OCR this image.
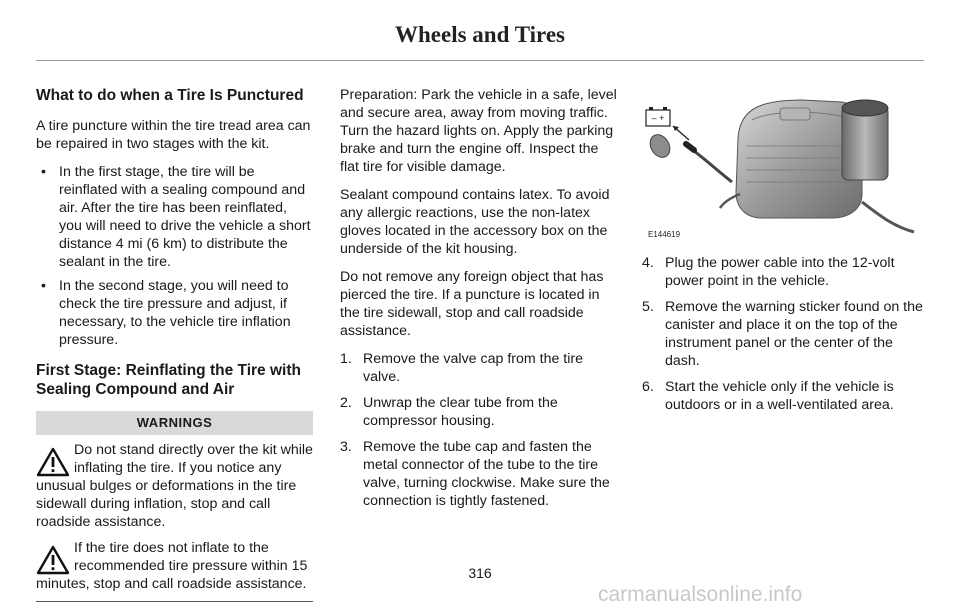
Wheels and Tires
What to do when a Tire Is Punctured

A tire puncture within the tire tread area can be repaired in two stages with the kit.

• In the first stage, the tire will be reinflated with a sealing compound and air. After the tire has been reinflated, you will need to drive the vehicle a short distance 4 mi (6 km) to distribute the sealant in the tire.
• In the second stage, you will need to check the tire pressure and adjust, if necessary, to the vehicle tire inflation pressure.
First Stage: Reinflating the Tire with Sealing Compound and Air
WARNINGS
Do not stand directly over the kit while inflating the tire. If you notice any unusual bulges or deformations in the tire sidewall during inflation, stop and call roadside assistance.
If the tire does not inflate to the recommended tire pressure within 15 minutes, stop and call roadside assistance.

Preparation: Park the vehicle in a safe, level and secure area, away from moving traffic. Turn the hazard lights on. Apply the parking brake and turn the engine off. Inspect the flat tire for visible damage.

Sealant compound contains latex. To avoid any allergic reactions, use the non-latex gloves located in the accessory box on the underside of the kit housing.

Do not remove any foreign object that has pierced the tire. If a puncture is located in the tire sidewall, stop and call roadside assistance.

1. Remove the valve cap from the tire valve.
2. Unwrap the clear tube from the compressor housing.
3. Remove the tube cap and fasten the metal connector of the tube to the tire valve, turning clockwise. Make sure the connection is tightly fastened.
– +
E144619
4. Plug the power cable into the 12-volt power point in the vehicle.
5. Remove the warning sticker found on the canister and place it on the top of the instrument panel or the center of the dash.
6. Start the vehicle only if the vehicle is outdoors or in a well-ventilated area.
316
carmanualsonline.info
